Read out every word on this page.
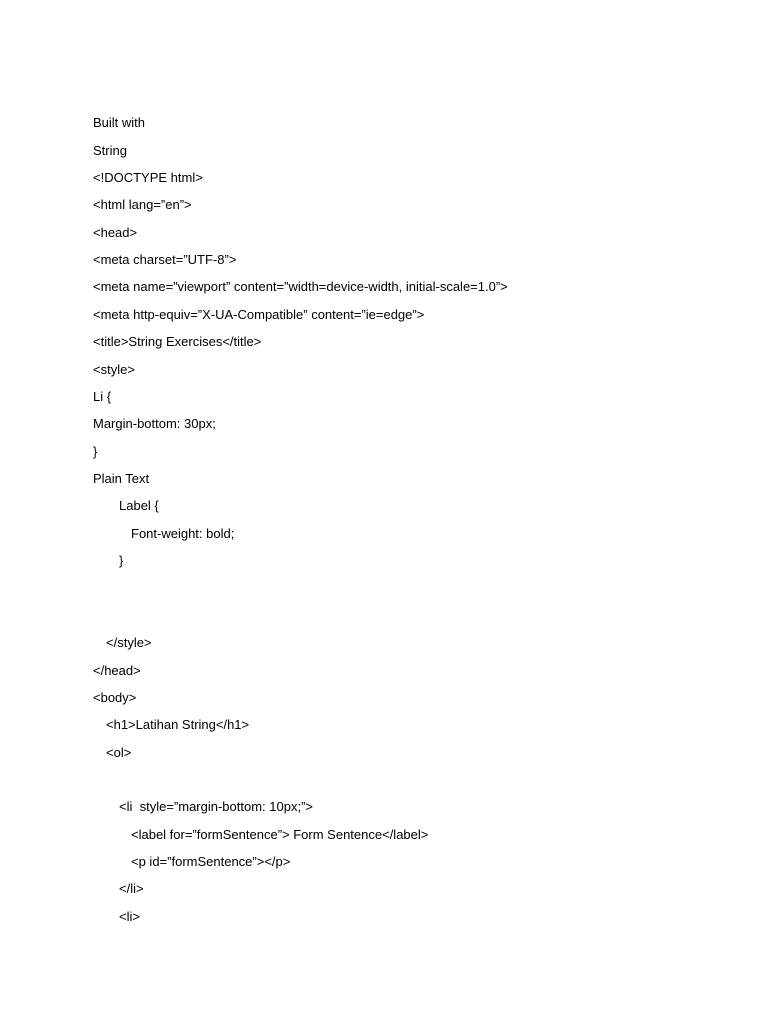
Built with
String
<!DOCTYPE html>
<html lang=”en”>
<head>
<meta charset=”UTF-8”>
<meta name=”viewport” content=”width=device-width, initial-scale=1.0”>
<meta http-equiv=”X-UA-Compatible” content=”ie=edge”>
<title>String Exercises</title>
<style>
Li {
Margin-bottom: 30px;
}
Plain Text
Label {
Font-weight: bold;
}
</style>
</head>
<body>
<h1>Latihan String</h1>
<ol>
<li  style=”margin-bottom: 10px;”>
<label for=”formSentence”> Form Sentence</label>
<p id=”formSentence”></p>
</li>
<li>
